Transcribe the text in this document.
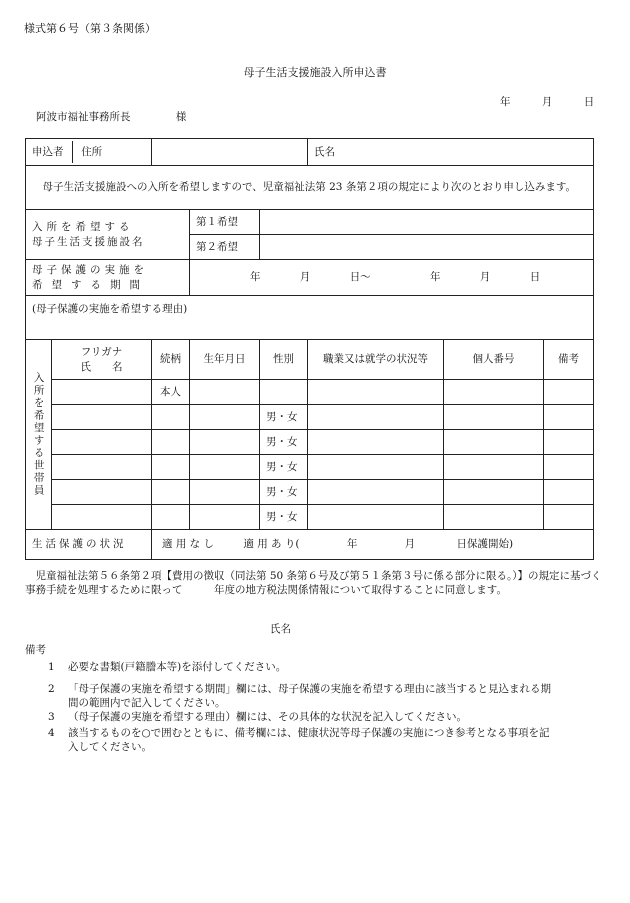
様式第６号（第３条関係）
母子生活支援施設入所申込書
年	月	日
阿波市福祉事務所長	様
申込者 住所					氏名		
母子生活支援施設への入所を希望しますので、児童福祉法第 23 条第２項の規定により次のとおり申し込みます。							

入所を希望する
母子生活支援施設名			第１希望				
			第２希望				

母子保護の実施を
希望する期間			年 月 日～ 年 月 日				
(母子保護の実施を希望する理由)							
入所を希望する世帯員	フリガナ
氏　　名	続柄	生年月日	性別	職業又は就学の状況等	個人番号	備考
		本人					
				男・女			
				男・女			
				男・女			
				男・女			
				男・女			
生活保護の状況		適 用 な し 適 用 あ り( 年 月 日保護開始)					
児童福祉法第５６条第２項【費用の徴収（同法第 50 条第６号及び第５１条第３号に係る部分に限る。）】の規定に基づく事務手続を処理するために限って　　　年度の地方税法関係情報について取得することに同意します。
氏名
備考
1 必要な書類(戸籍謄本等)を添付してください。
2 「母子保護の実施を希望する期間」欄には、母子保護の実施を希望する理由に該当すると見込まれる期
間の範囲内で記入してください。
3 （母子保護の実施を希望する理由）欄には、その具体的な状況を記入してください。
4 該当するものを○で囲むとともに、備考欄には、健康状況等母子保護の実施につき参考となる事項を記
入してください。
